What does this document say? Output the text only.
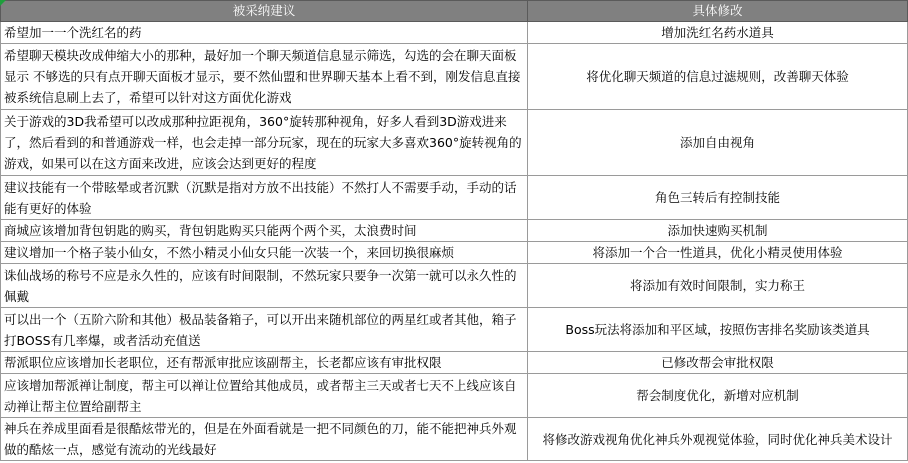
被采纳建议	具体修改
希望加一一个洗红名的药	增加洗红名药水道具
希望聊天模块改成伸缩大小的那种，最好加一个聊天频道信息显示筛选，勾选的会在聊天面板显示 不够选的只有点开聊天面板才显示，要不然仙盟和世界聊天基本上看不到，刚发信息直接被系统信息刷上去了，希望可以针对这方面优化游戏	将优化聊天频道的信息过滤规则，改善聊天体验
关于游戏的3D我希望可以改成那种拉距视角，360°旋转那种视角，好多人看到3D游戏进来了，然后看到的和普通游戏一样，也会走掉一部分玩家，现在的玩家大多喜欢360°旋转视角的游戏，如果可以在这方面来改进，应该会达到更好的程度	添加自由视角
建议技能有一个带眩晕或者沉默（沉默是指对方放不出技能）不然打人不需要手动，手动的话能有更好的体验	角色三转后有控制技能
商城应该增加背包钥匙的购买，背包钥匙购买只能两个两个买，太浪费时间	添加快速购买机制
建议增加一个格子装小仙女，不然小精灵小仙女只能一次装一个，来回切换很麻烦	将添加一个合一性道具，优化小精灵使用体验
诛仙战场的称号不应是永久性的，应该有时间限制，不然玩家只要争一次第一就可以永久性的佩戴	将添加有效时间限制，实力称王
可以出一个（五阶六阶和其他）极品装备箱子，可以开出来随机部位的两星红或者其他，箱子打BOSS有几率爆，或者活动充值送	Boss玩法将添加和平区域，按照伤害排名奖励该类道具
帮派职位应该增加长老职位，还有帮派审批应该副帮主，长老都应该有审批权限	已修改帮会审批权限
应该增加帮派禅让制度，帮主可以禅让位置给其他成员，或者帮主三天或者七天不上线应该自动禅让帮主位置给副帮主	帮会制度优化，新增对应机制
神兵在养成里面看是很酷炫带光的，但是在外面看就是一把不同颜色的刀，能不能把神兵外观做的酷炫一点，感觉有流动的光线最好	将修改游戏视角优化神兵外观视觉体验，同时优化神兵美术设计
